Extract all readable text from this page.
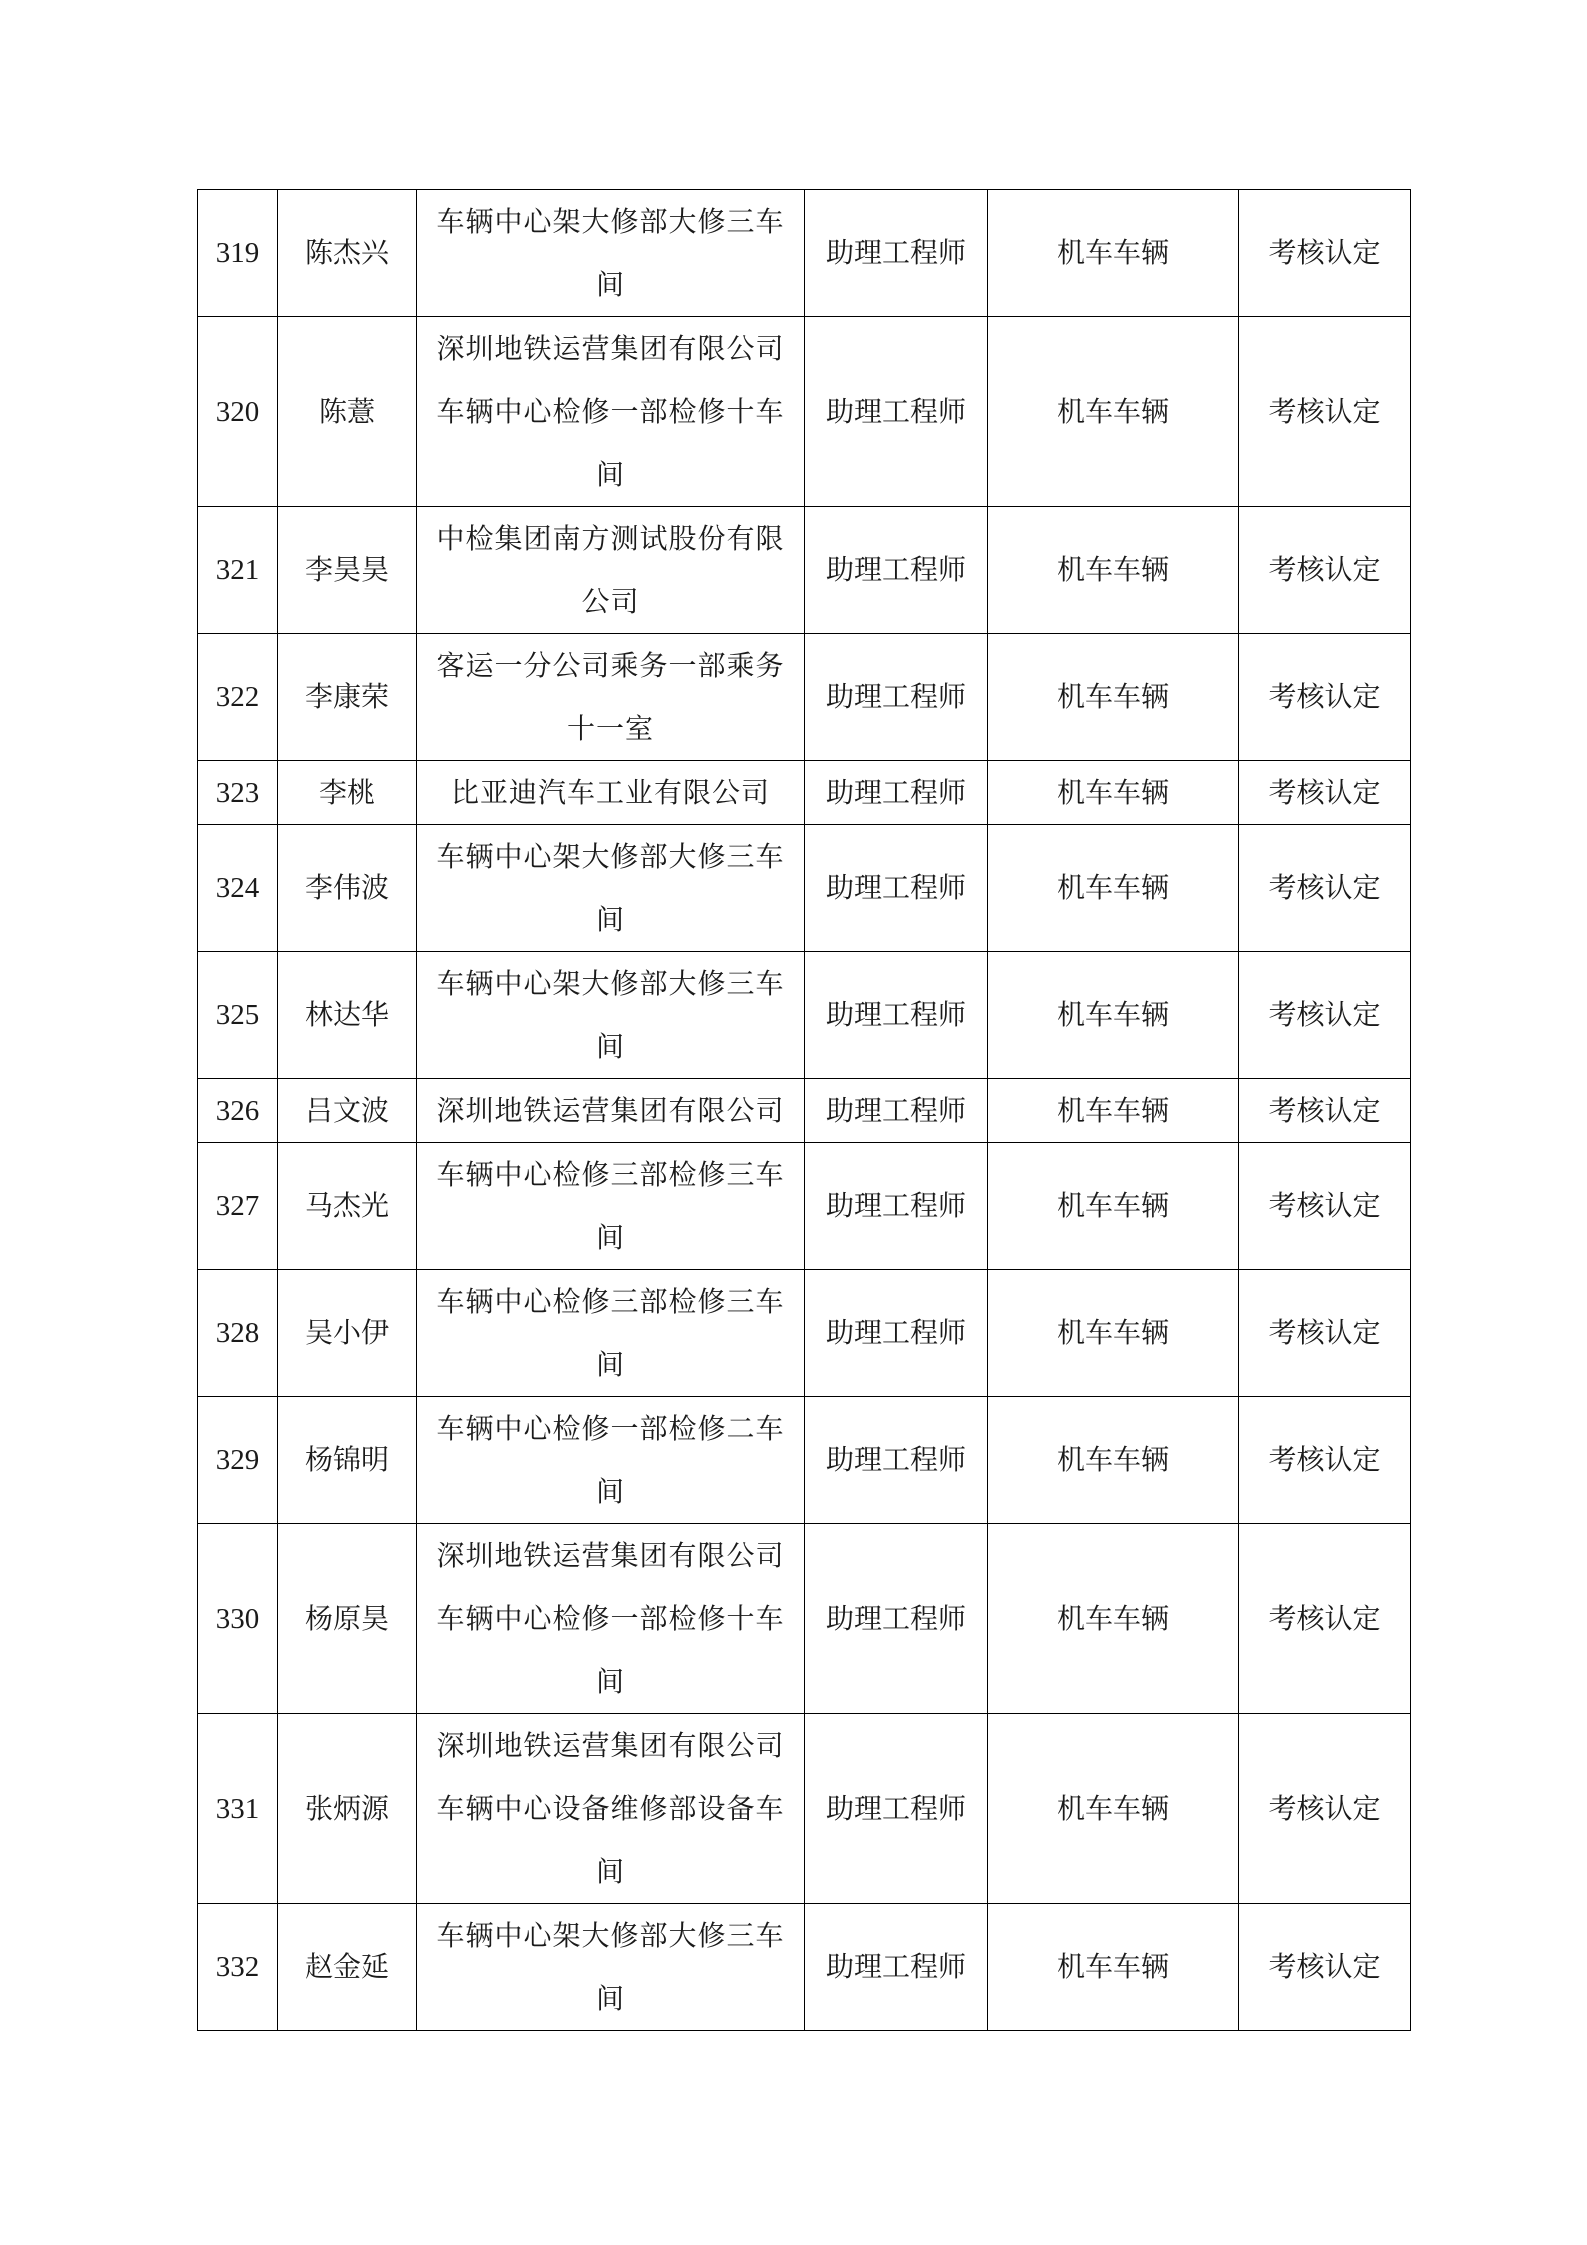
319	陈杰兴	车辆中心架大修部大修三车
间	助理工程师	机车车辆	考核认定
320	陈薏	深圳地铁运营集团有限公司
车辆中心检修一部检修十车
间	助理工程师	机车车辆	考核认定
321	李昊昊	中检集团南方测试股份有限
公司	助理工程师	机车车辆	考核认定
322	李康荣	客运一分公司乘务一部乘务
十一室	助理工程师	机车车辆	考核认定
323	李桃	比亚迪汽车工业有限公司	助理工程师	机车车辆	考核认定
324	李伟波	车辆中心架大修部大修三车
间	助理工程师	机车车辆	考核认定
325	林达华	车辆中心架大修部大修三车
间	助理工程师	机车车辆	考核认定
326	吕文波	深圳地铁运营集团有限公司	助理工程师	机车车辆	考核认定
327	马杰光	车辆中心检修三部检修三车
间	助理工程师	机车车辆	考核认定
328	吴小伊	车辆中心检修三部检修三车
间	助理工程师	机车车辆	考核认定
329	杨锦明	车辆中心检修一部检修二车
间	助理工程师	机车车辆	考核认定
330	杨原昊	深圳地铁运营集团有限公司
车辆中心检修一部检修十车
间	助理工程师	机车车辆	考核认定
331	张炳源	深圳地铁运营集团有限公司
车辆中心设备维修部设备车
间	助理工程师	机车车辆	考核认定
332	赵金延	车辆中心架大修部大修三车
间	助理工程师	机车车辆	考核认定
